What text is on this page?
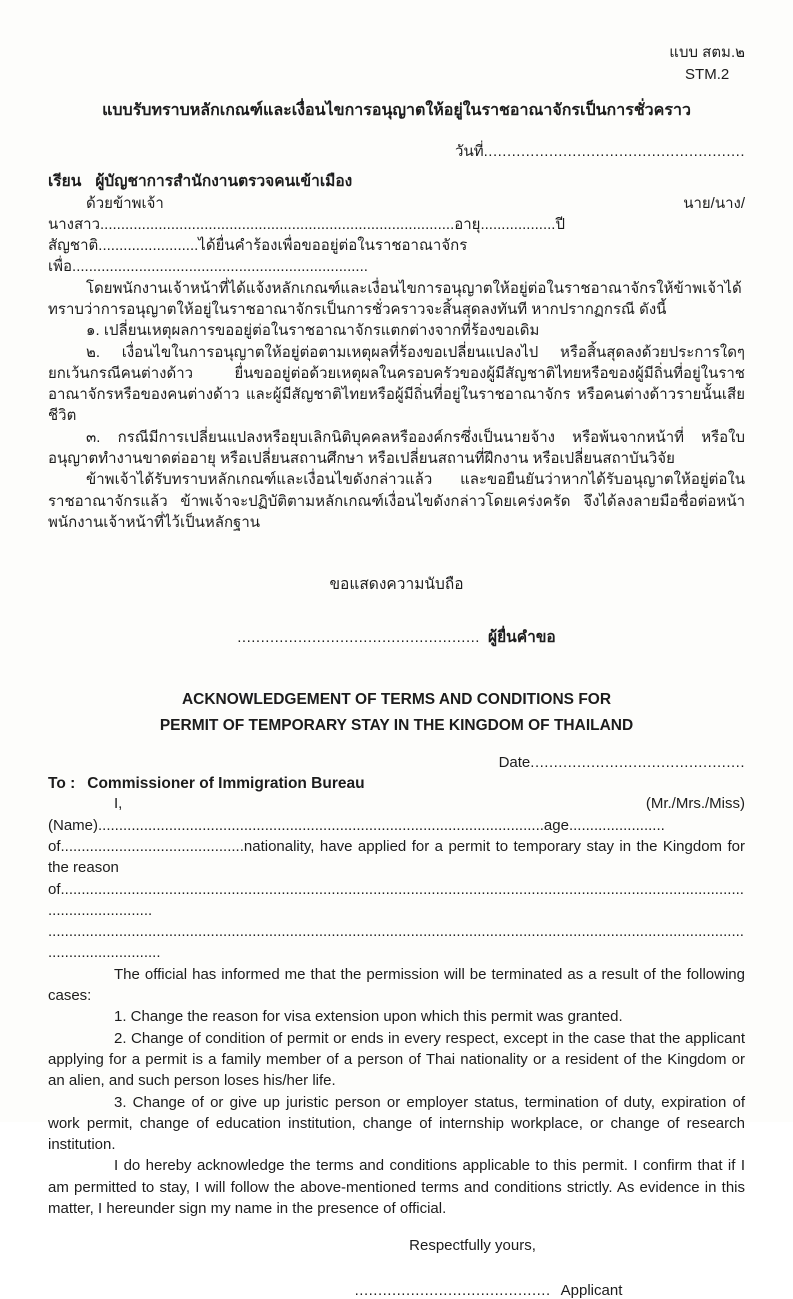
แบบ สตม.๒
STM.2
แบบรับทราบหลักเกณฑ์และเงื่อนไขการอนุญาตให้อยู่ในราชอาณาจักรเป็นการชั่วคราว
วันที่........................................................
เรียน ผู้บัญชาการสำนักงานตรวจคนเข้าเมือง

ด้วยข้าพเจ้า นาย/นาง/นางสาว.....................................................................................อายุ..................ปี

สัญชาติ........................ได้ยื่นคำร้องเพื่อขออยู่ต่อในราชอาณาจักรเพื่อ.......................................................................

โดยพนักงานเจ้าหน้าที่ได้แจ้งหลักเกณฑ์และเงื่อนไขการอนุญาตให้อยู่ต่อในราชอาณาจักรให้ข้าพเจ้าได้ทราบว่าการอนุญาตให้อยู่ในราชอาณาจักรเป็นการชั่วคราวจะสิ้นสุดลงทันที หากปรากฏกรณี ดังนี้

๑. เปลี่ยนเหตุผลการขออยู่ต่อในราชอาณาจักรแตกต่างจากที่ร้องขอเดิม

๒. เงื่อนไขในการอนุญาตให้อยู่ต่อตามเหตุผลที่ร้องขอเปลี่ยนแปลงไป หรือสิ้นสุดลงด้วยประการใดๆ ยกเว้นกรณีคนต่างด้าว ยื่นขออยู่ต่อด้วยเหตุผลในครอบครัวของผู้มีสัญชาติไทยหรือของผู้มีถิ่นที่อยู่ในราชอาณาจักรหรือของคนต่างด้าว และผู้มีสัญชาติไทยหรือผู้มีถิ่นที่อยู่ในราชอาณาจักร หรือคนต่างด้าวรายนั้นเสียชีวิต

๓. กรณีมีการเปลี่ยนแปลงหรือยุบเลิกนิติบุคคลหรือองค์กรซึ่งเป็นนายจ้าง หรือพ้นจากหน้าที่ หรือใบอนุญาตทำงานขาดต่ออายุ หรือเปลี่ยนสถานศึกษา หรือเปลี่ยนสถานที่ฝึกงาน หรือเปลี่ยนสถาบันวิจัย

ข้าพเจ้าได้รับทราบหลักเกณฑ์และเงื่อนไขดังกล่าวแล้ว และขอยืนยันว่าหากได้รับอนุญาตให้อยู่ต่อในราชอาณาจักรแล้ว ข้าพเจ้าจะปฏิบัติตามหลักเกณฑ์เงื่อนไขดังกล่าวโดยเคร่งครัด จึงได้ลงลายมือชื่อต่อหน้าพนักงานเจ้าหน้าที่ไว้เป็นหลักฐาน

ขอแสดงความนับถือ
.................................................... ผู้ยื่นคำขอ
ACKNOWLEDGEMENT OF TERMS AND CONDITIONS FOR
PERMIT OF TEMPORARY STAY IN THE KINGDOM OF THAILAND
Date..............................................
To : Commissioner of Immigration Bureau

I, (Mr./Mrs./Miss) (Name)...........................................................................................................age.......................

of............................................nationality, have applied for a permit to temporary stay in the Kingdom for the reason

of.............................................................................................................................................................................................

..................................................................................................................................................................................................

The official has informed me that the permission will be terminated as a result of the following cases:

1. Change the reason for visa extension upon which this permit was granted.

2. Change of condition of permit or ends in every respect, except in the case that the applicant applying for a permit is a family member of a person of Thai nationality or a resident of the Kingdom or an alien, and such person loses his/her life.

3. Change of or give up juristic person or employer status, termination of duty, expiration of work permit, change of education institution, change of internship workplace, or change of research institution.

I do hereby acknowledge the terms and conditions applicable to this permit. I confirm that if I am permitted to stay, I will follow the above-mentioned terms and conditions strictly. As evidence in this matter, I hereunder sign my name in the presence of official.

Respectfully yours,
.......................................... Applicant
